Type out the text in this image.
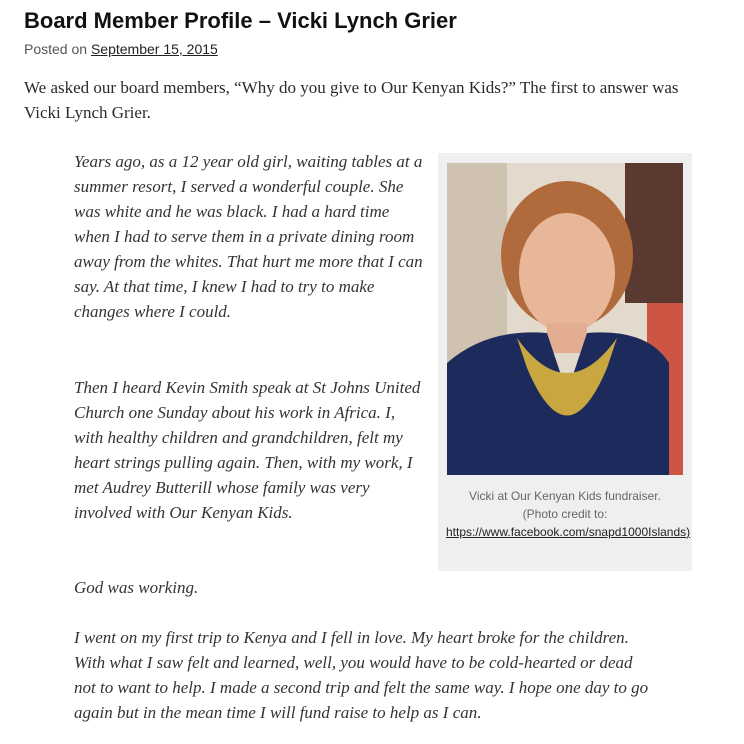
Board Member Profile – Vicki Lynch Grier
Posted on September 15, 2015

We asked our board members, “Why do you give to Our Kenyan Kids?” The first to answer was Vicki Lynch Grier.

Years ago, as a 12 year old girl, waiting tables at a summer resort, I served a wonderful couple. She was white and he was black. I had a hard time when I had to serve them in a private dining room away from the whites. That hurt me more that I can say. At that time, I knew I had to try to make changes where I could.

Then I heard Kevin Smith speak at St Johns United Church one Sunday about his work in Africa. I, with healthy children and grandchildren, felt my heart strings pulling again. Then, with my work, I met Audrey Butterill whose family was very involved with Our Kenyan Kids.

God was working.

I went on my first trip to Kenya and I fell in love. My heart broke for the children. With what I saw felt and learned, well, you would have to be cold-hearted or dead not to want to help. I made a second trip and felt the same way. I hope one day to go again but in the mean time I will fund raise to help as I can.

Vicki at Our Kenyan Kids fundraiser.
(Photo credit to:

https://www.facebook.com/snapd1000Islands)
